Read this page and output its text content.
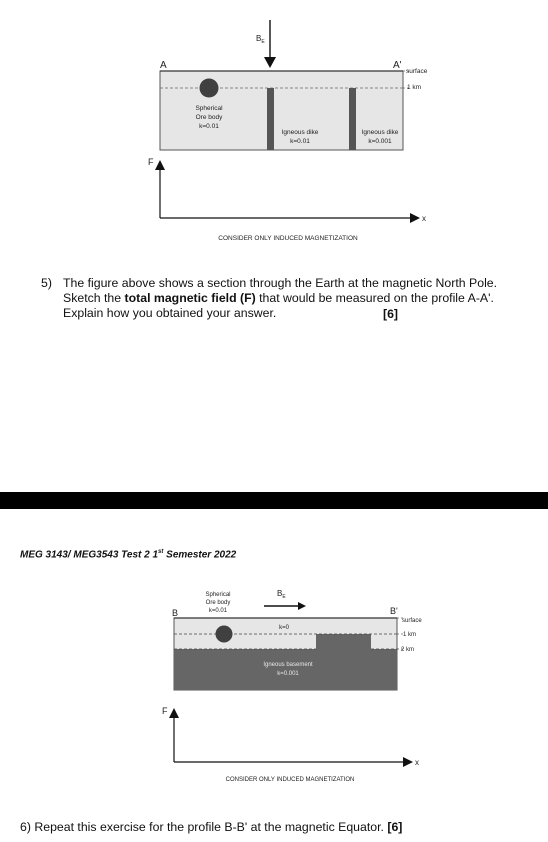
$B_E$
A	A'
surface
1 km
Spherical
Ore body
k=0.01
Igneous dike
k=0.01
Igneous dike
k=0.001
F
x
CONSIDER ONLY INDUCED MAGNETIZATION
$B_E$
Spherical
Ore body
k=0.01
B	B'
surface
1 km
2 km
k=0
Igneous basement
k=0.001
F
x
CONSIDER ONLY INDUCED MAGNETIZATION
5) The figure above shows a section through the Earth at the magnetic North Pole. Sketch the total magnetic field (F) that would be measured on the profile A-A'. Explain how you obtained your answer.	[6]
MEG 3143/ MEG3543 Test 2 1st Semester 2022
6) Repeat this exercise for the profile B-B' at the magnetic Equator. [6]
